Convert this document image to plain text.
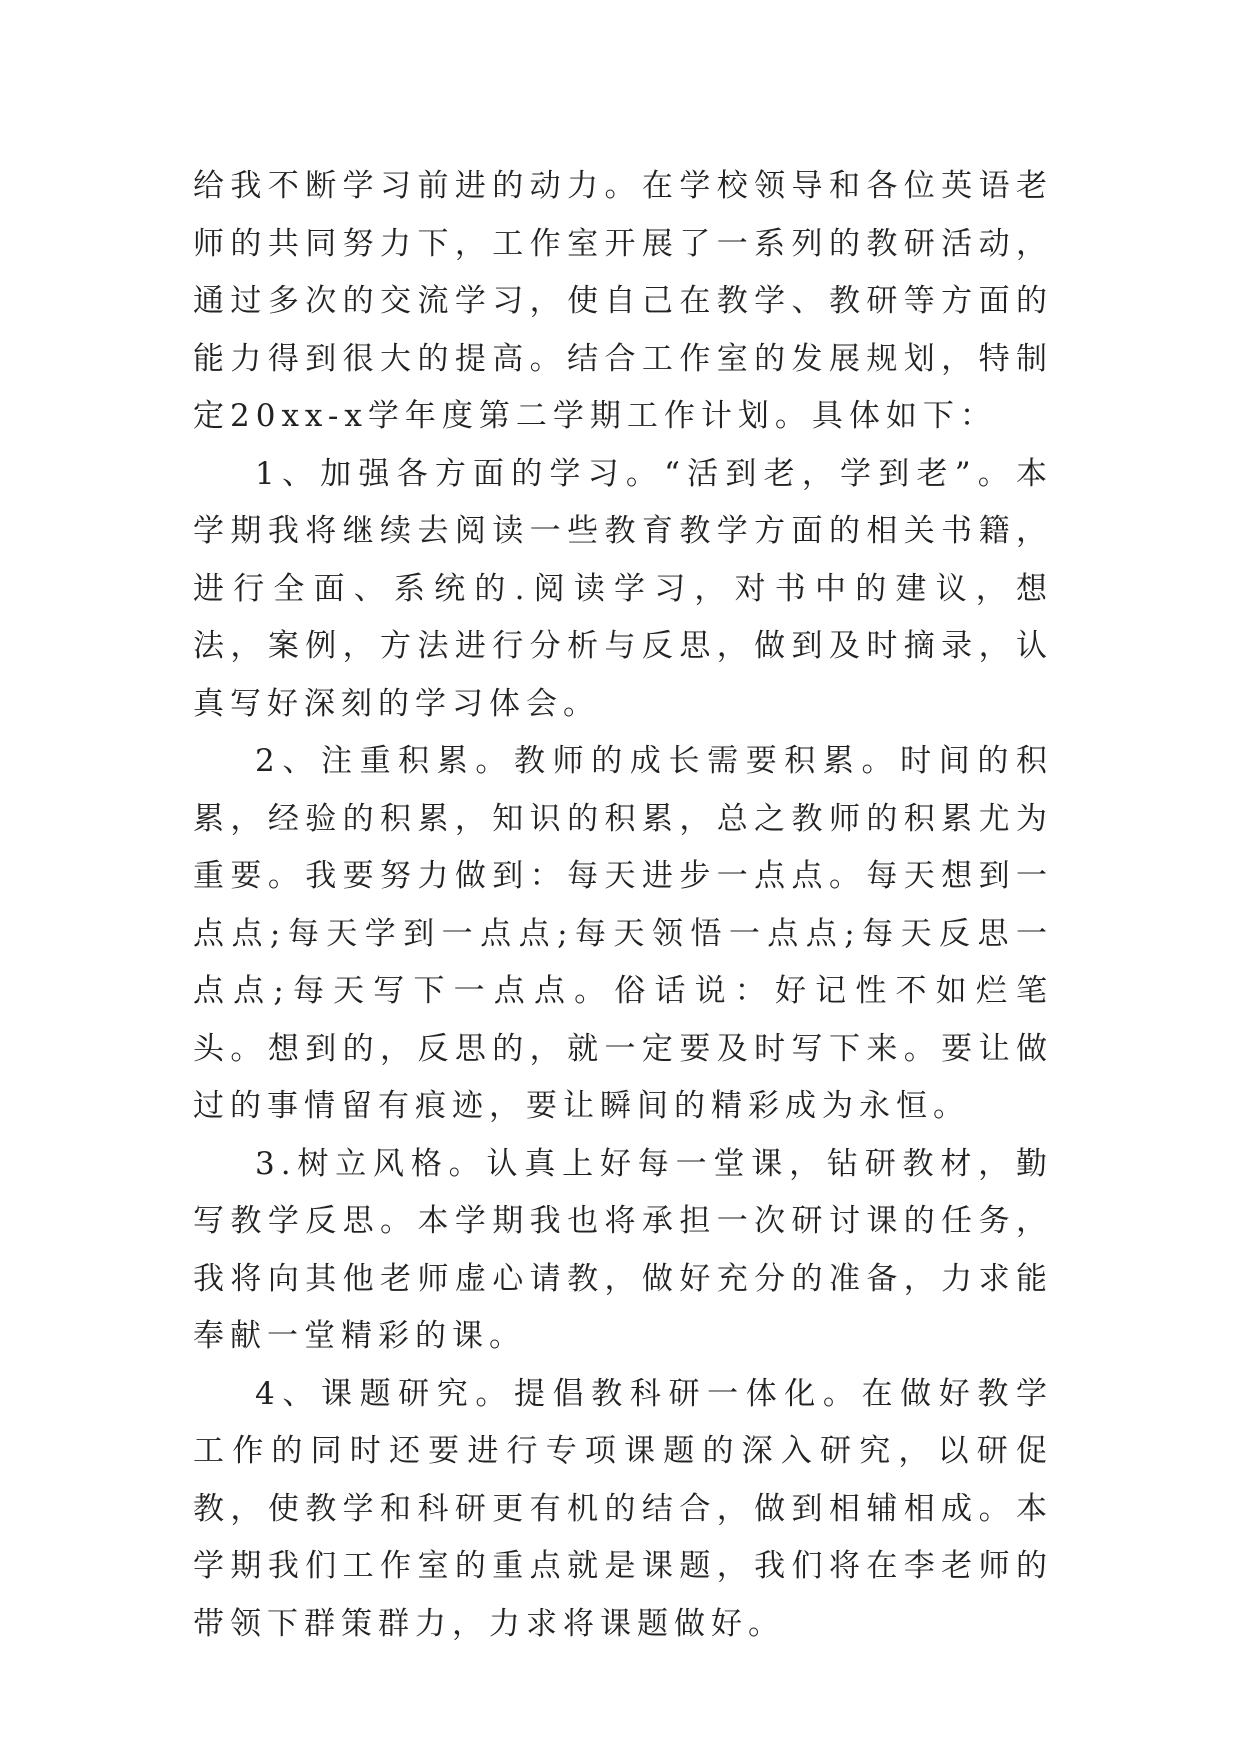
给我不断学习前进的动力。在学校领导和各位英语老师的共同努力下，工作室开展了一系列的教研活动，通过多次的交流学习，使自己在教学、教研等方面的能力得到很大的提高。结合工作室的发展规划，特制定20xx-x学年度第二学期工作计划。具体如下：

1、加强各方面的学习。“活到老，学到老”。本学期我将继续去阅读一些教育教学方面的相关书籍，进行全面、系统的.阅读学习，对书中的建议，想法，案例，方法进行分析与反思，做到及时摘录，认真写好深刻的学习体会。

2、注重积累。教师的成长需要积累。时间的积累，经验的积累，知识的积累，总之教师的积累尤为重要。我要努力做到：每天进步一点点。每天想到一点点;每天学到一点点;每天领悟一点点;每天反思一点点;每天写下一点点。俗话说：好记性不如烂笔头。想到的，反思的，就一定要及时写下来。要让做过的事情留有痕迹，要让瞬间的精彩成为永恒。

3.树立风格。认真上好每一堂课，钻研教材，勤写教学反思。本学期我也将承担一次研讨课的任务，我将向其他老师虚心请教，做好充分的准备，力求能奉献一堂精彩的课。

4、课题研究。提倡教科研一体化。在做好教学工作的同时还要进行专项课题的深入研究，以研促教，使教学和科研更有机的结合，做到相辅相成。本学期我们工作室的重点就是课题，我们将在李老师的带领下群策群力，力求将课题做好。
